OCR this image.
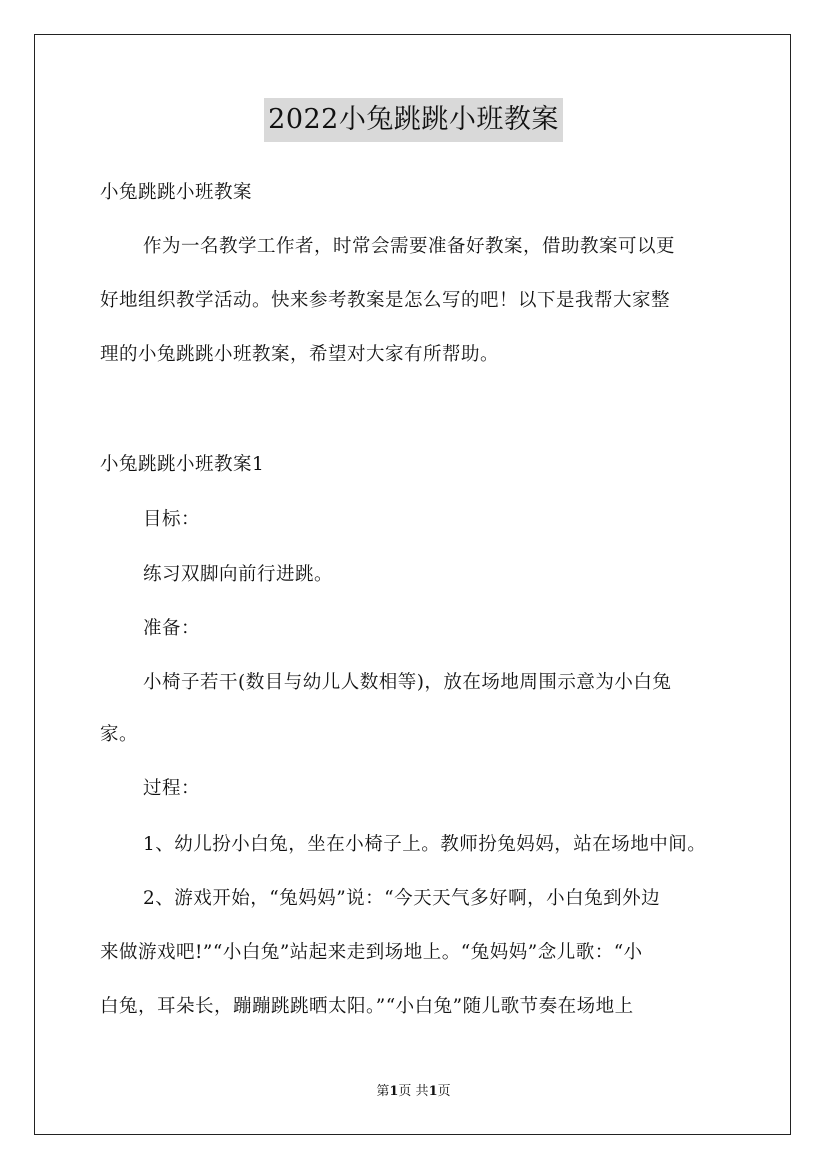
2022小兔跳跳小班教案
小兔跳跳小班教案
作为一名教学工作者，时常会需要准备好教案，借助教案可以更
好地组织教学活动。快来参考教案是怎么写的吧！以下是我帮大家整
理的小兔跳跳小班教案，希望对大家有所帮助。
小兔跳跳小班教案1
目标：
练习双脚向前行进跳。
准备：
小椅子若干(数目与幼儿人数相等)，放在场地周围示意为小白兔
家。
过程：
1、幼儿扮小白兔，坐在小椅子上。教师扮兔妈妈，站在场地中间。
2、游戏开始，“兔妈妈”说：“今天天气多好啊，小白兔到外边
来做游戏吧!”“小白兔”站起来走到场地上。“兔妈妈”念儿歌：“小
白兔，耳朵长，蹦蹦跳跳晒太阳。”“小白兔”随儿歌节奏在场地上
第1页 共1页
